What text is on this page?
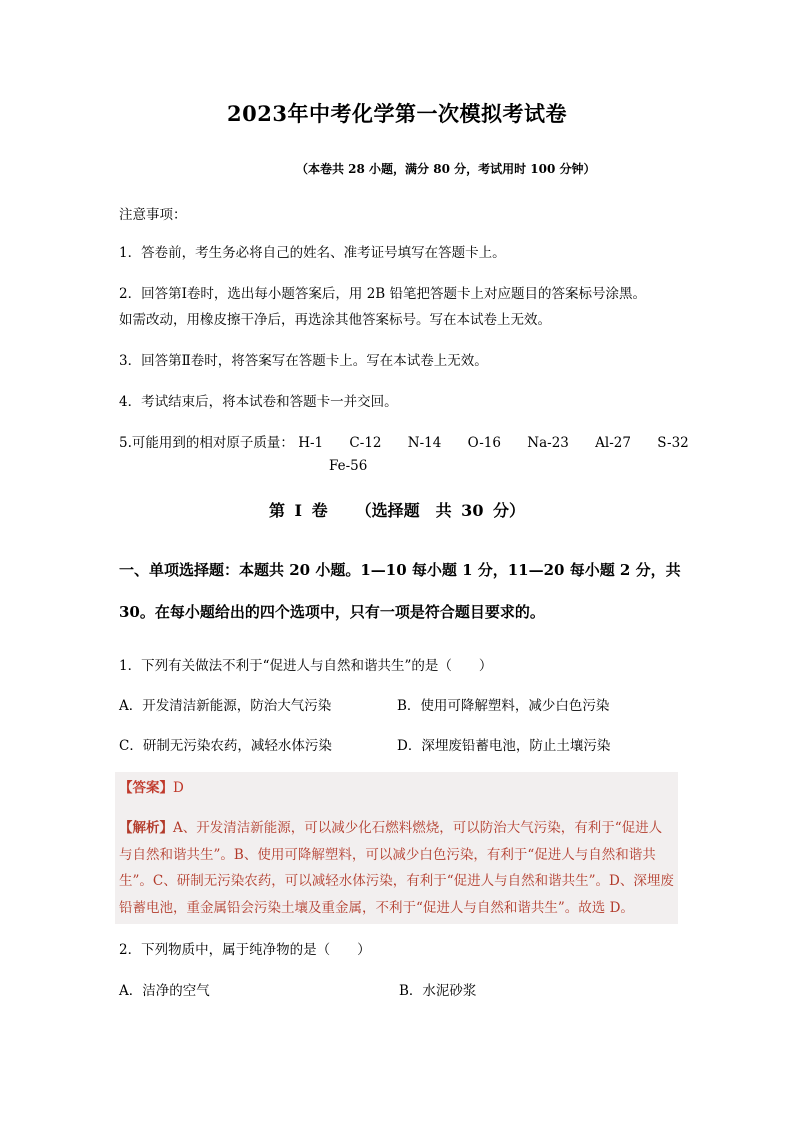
2023年中考化学第一次模拟考试卷
（本卷共 28 小题，满分 80 分，考试用时 100 分钟）
注意事项：
1．答卷前，考生务必将自己的姓名、准考证号填写在答题卡上。
2．回答第Ⅰ卷时，选出每小题答案后，用 2B 铅笔把答题卡上对应题目的答案标号涂黑。
如需改动，用橡皮擦干净后，再选涂其他答案标号。写在本试卷上无效。
3．回答第Ⅱ卷时，将答案写在答题卡上。写在本试卷上无效。
4．考试结束后，将本试卷和答题卡一并交回。
5.可能用到的相对原子质量： H-1 C-12 N-14 O-16 Na-23 Al-27 S-32
Fe-56
第 I 卷 （选择题　共 30 分）
一、单项选择题：本题共 20 小题。1—10 每小题 1 分，11—20 每小题 2 分，共
30。在每小题给出的四个选项中，只有一项是符合题目要求的。
1．下列有关做法不利于“促进人与自然和谐共生”的是（　　）
A．开发清洁新能源，防治大气污染	B．使用可降解塑料，减少白色污染
C．研制无污染农药，减轻水体污染	D．深埋废铅蓄电池，防止土壤污染
【答案】D
【解析】A、开发清洁新能源，可以减少化石燃料燃烧，可以防治大气污染，有利于“促进人与自然和谐共生”。B、使用可降解塑料，可以减少白色污染，有利于“促进人与自然和谐共生”。C、研制无污染农药，可以减轻水体污染，有利于“促进人与自然和谐共生”。D、深埋废铅蓄电池，重金属铅会污染土壤及重金属，不利于“促进人与自然和谐共生”。故选 D。
2．下列物质中，属于纯净物的是（　　）
A．洁净的空气	B．水泥砂浆
